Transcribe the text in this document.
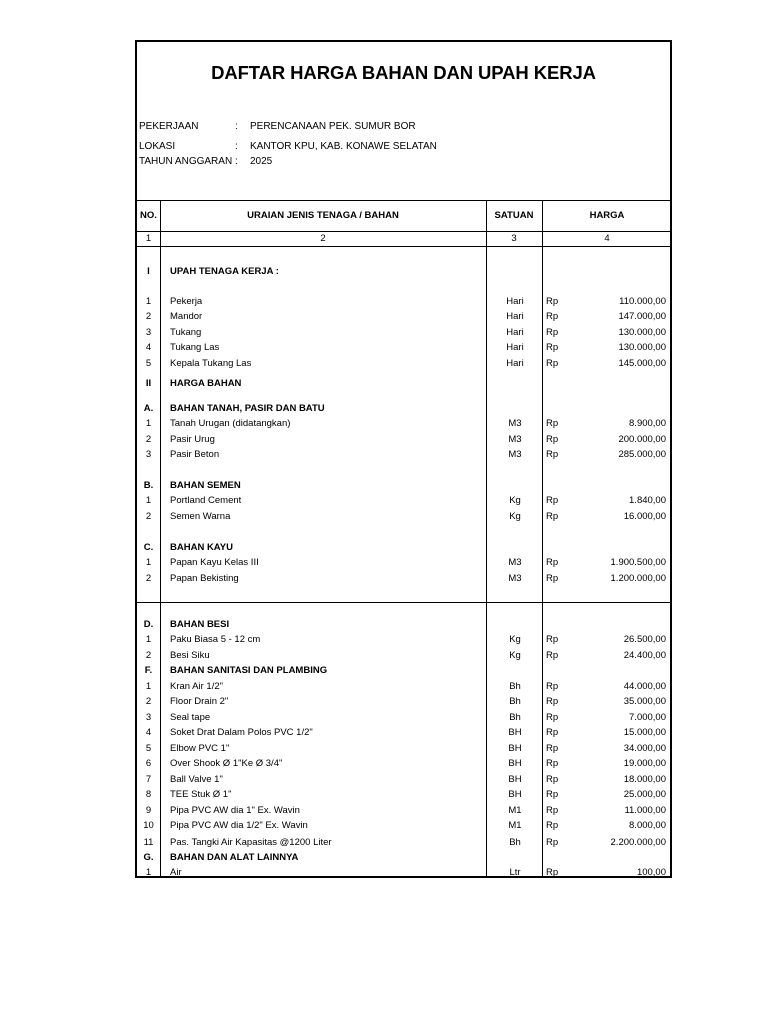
DAFTAR HARGA BAHAN DAN UPAH KERJA
PEKERJAAN	: PERENCANAAN PEK. SUMUR BOR
LOKASI	: KANTOR KPU, KAB. KONAWE SELATAN
TAHUN ANGGARAN : 2025
NO.	URAIAN JENIS TENAGA / BAHAN	SATUAN	HARGA
1	2	3	4
I	UPAH TENAGA KERJA :
1	Pekerja	Hari	Rp	110.000,00
2	Mandor	Hari	Rp	147.000,00
3	Tukang	Hari	Rp	130.000,00
4	Tukang Las	Hari	Rp	130.000,00
5	Kepala Tukang Las	Hari	Rp	145.000,00
II	HARGA BAHAN
A.	BAHAN TANAH, PASIR DAN BATU
1	Tanah Urugan (didatangkan)	M3	Rp	8.900,00
2	Pasir Urug	M3	Rp	200.000,00
3	Pasir Beton	M3	Rp	285.000,00
B.	BAHAN SEMEN
1	Portland Cement	Kg	Rp	1.840,00
2	Semen Warna	Kg	Rp	16.000,00
C.	BAHAN KAYU
1	Papan Kayu Kelas III	M3	Rp	1.900.500,00
2	Papan Bekisting	M3	Rp	1.200.000,00
D.	BAHAN BESI
1	Paku Biasa 5 - 12 cm	Kg	Rp	26.500,00
2	Besi Siku	Kg	Rp	24.400,00
F.	BAHAN SANITASI DAN PLAMBING
1	Kran Air 1/2"	Bh	Rp	44.000,00
2	Floor Drain 2"	Bh	Rp	35.000,00
3	Seal tape	Bh	Rp	7.000,00
4	Soket Drat Dalam Polos PVC 1/2"	BH	Rp	15.000,00
5	Elbow PVC 1"	BH	Rp	34.000,00
6	Over Shook Ø 1"Ke Ø 3/4"	BH	Rp	19.000,00
7	Ball Valve 1"	BH	Rp	18.000,00
8	TEE Stuk Ø 1"	BH	Rp	25.000,00
9	Pipa PVC AW dia 1" Ex. Wavin	M1	Rp	11.000,00
10	Pipa PVC AW dia 1/2" Ex. Wavin	M1	Rp	8.000,00
11	Pas. Tangki Air Kapasitas @1200 Liter	Bh	Rp	2.200.000,00
G.	BAHAN DAN ALAT LAINNYA
1	Air	Ltr	Rp	100,00
